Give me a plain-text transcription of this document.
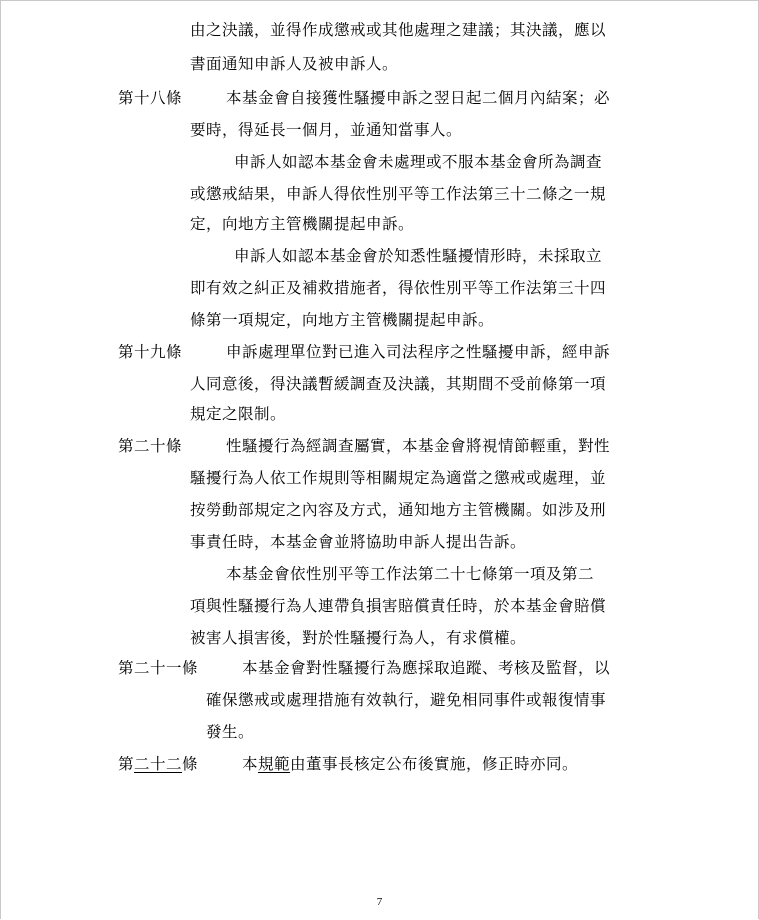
由之決議，並得作成懲戒或其他處理之建議；其決議，應以
書面通知申訴人及被申訴人。
第十八條	本基金會自接獲性騷擾申訴之翌日起二個月內結案；必
要時，得延長一個月，並通知當事人。
申訴人如認本基金會未處理或不服本基金會所為調查
或懲戒結果，申訴人得依性別平等工作法第三十二條之一規
定，向地方主管機關提起申訴。
申訴人如認本基金會於知悉性騷擾情形時，未採取立
即有效之糾正及補救措施者，得依性別平等工作法第三十四
條第一項規定，向地方主管機關提起申訴。
第十九條	申訴處理單位對已進入司法程序之性騷擾申訴，經申訴
人同意後，得決議暫緩調查及決議，其期間不受前條第一項
規定之限制。
第二十條	性騷擾行為經調查屬實，本基金會將視情節輕重，對性
騷擾行為人依工作規則等相關規定為適當之懲戒或處理，並
按勞動部規定之內容及方式，通知地方主管機關。如涉及刑
事責任時，本基金會並將協助申訴人提出告訴。
本基金會依性別平等工作法第二十七條第一項及第二
項與性騷擾行為人連帶負損害賠償責任時，於本基金會賠償
被害人損害後，對於性騷擾行為人，有求償權。
第二十一條	本基金會對性騷擾行為應採取追蹤、考核及監督，以
確保懲戒或處理措施有效執行，避免相同事件或報復情事
發生。
第二十二條	本規範由董事長核定公布後實施，修正時亦同。
7
